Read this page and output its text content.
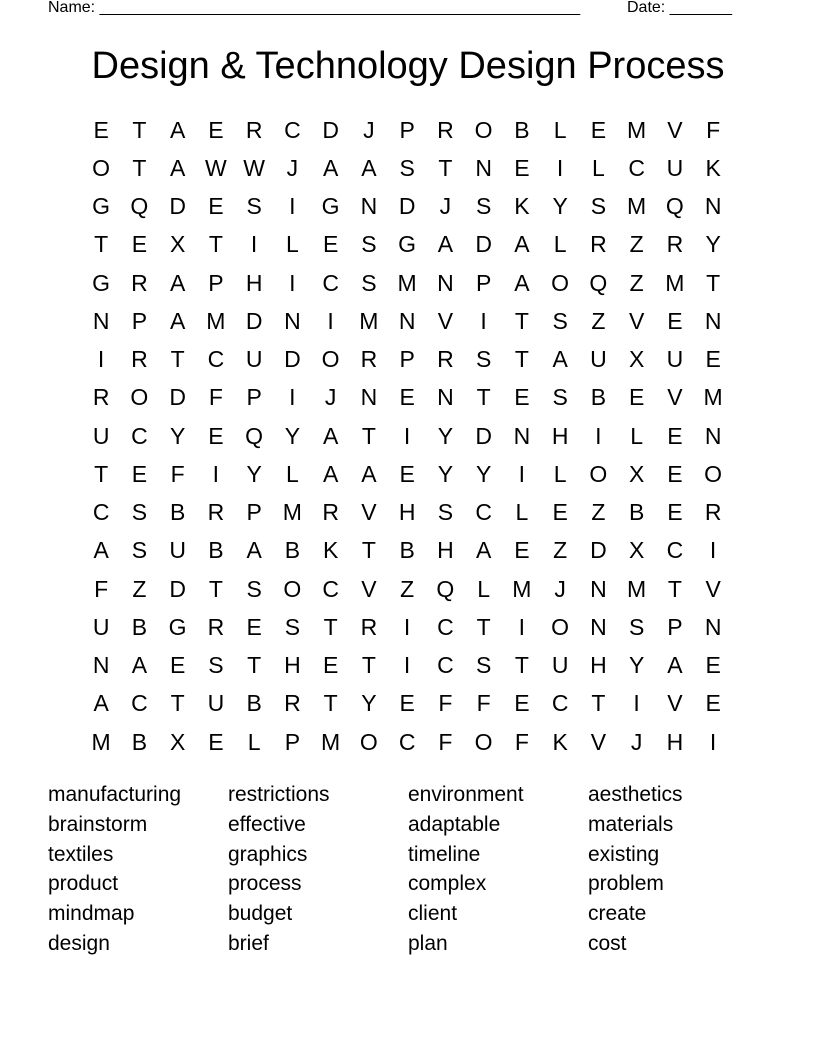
Name: ______________________________________________________	Date: _______
Design & Technology Design Process
E	T	A E R C D	J	P R O B	L	E M V	F
O T	A W W J	A A S	T N E	I	L	C U K
G Q D E S	I	G N D	J	S K Y S M Q N
T	E X	T	I	L	E S G A D A	L	R Z R Y
G R A P H	I	C S M N P A O Q Z M T
N P A M D N	I	M N V	I	T	S	Z	V E N
I	R T C U D O R P R S	T	A U X U E
R O D F	P	I	J	N E N T	E S B E V M
U C Y E Q Y A	T	I	Y D N H	I	L	E N
T	E	F	I	Y	L	A A E Y Y	I	L O X E O
C S B R P M R V H S C	L	E	Z	B E R
A S U B A B K	T	B H A E	Z D X C	I
F	Z D T	S O C V	Z Q L M J	N M T	V
U B G R E S	T R	I	C T	I	O N S P N
N A E S	T H E	T	I	C S	T U H Y A E
A C T U B R T	Y E	F	F	E C T	I	V E
M B X E	L	P M O C F O F	K V	J	H	I
manufacturing	restrictions	environment	aesthetics
brainstorm	effective	adaptable	materials
textiles	graphics	timeline	existing
product	process	complex	problem
mindmap	budget	client	create
design	brief	plan	cost
